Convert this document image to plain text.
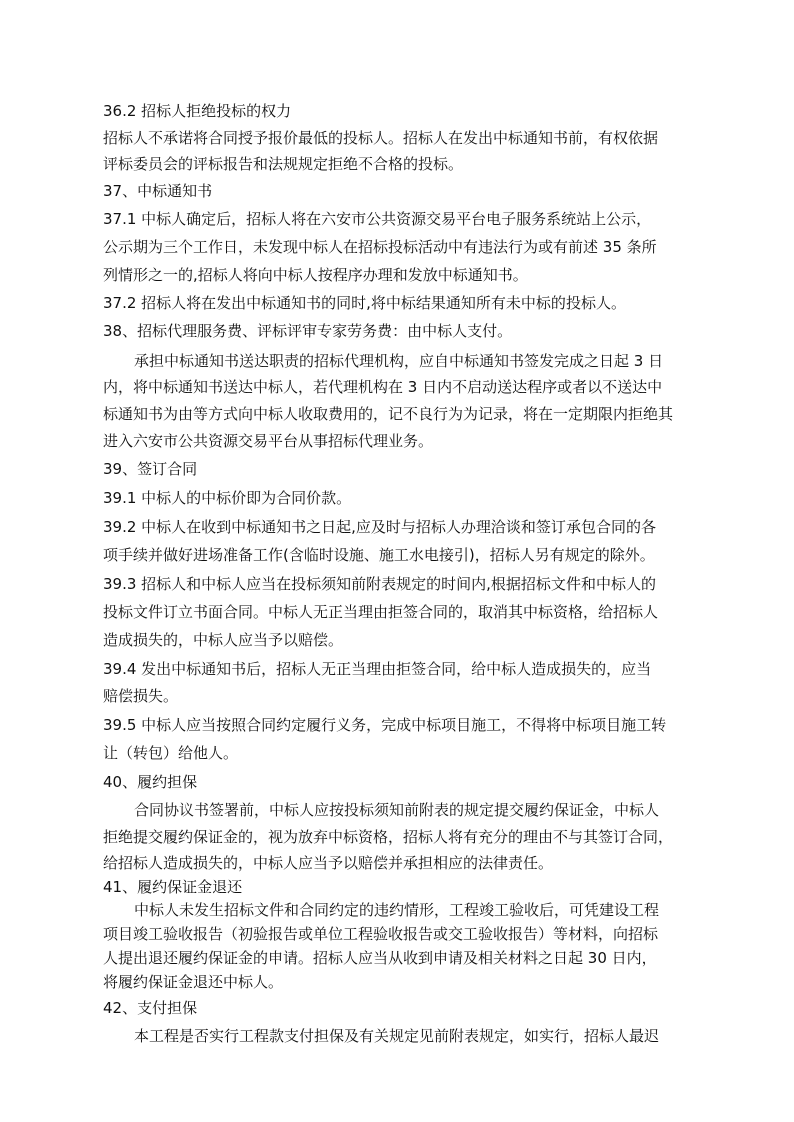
36.2 招标人拒绝投标的权力
招标人不承诺将合同授予报价最低的投标人。招标人在发出中标通知书前，有权依据
评标委员会的评标报告和法规规定拒绝不合格的投标。
37、中标通知书
37.1 中标人确定后，招标人将在六安市公共资源交易平台电子服务系统站上公示，
公示期为三个工作日，未发现中标人在招标投标活动中有违法行为或有前述 35 条所
列情形之一的,招标人将向中标人按程序办理和发放中标通知书。
37.2 招标人将在发出中标通知书的同时,将中标结果通知所有未中标的投标人。
38、招标代理服务费、评标评审专家劳务费：由中标人支付。
承担中标通知书送达职责的招标代理机构，应自中标通知书签发完成之日起 3 日
内，将中标通知书送达中标人，若代理机构在 3 日内不启动送达程序或者以不送达中
标通知书为由等方式向中标人收取费用的，记不良行为为记录，将在一定期限内拒绝其
进入六安市公共资源交易平台从事招标代理业务。
39、签订合同
39.1 中标人的中标价即为合同价款。
39.2 中标人在收到中标通知书之日起,应及时与招标人办理洽谈和签订承包合同的各
项手续并做好进场准备工作(含临时设施、施工水电接引)，招标人另有规定的除外。
39.3 招标人和中标人应当在投标须知前附表规定的时间内,根据招标文件和中标人的
投标文件订立书面合同。中标人无正当理由拒签合同的，取消其中标资格，给招标人
造成损失的，中标人应当予以赔偿。
39.4 发出中标通知书后，招标人无正当理由拒签合同，给中标人造成损失的，应当
赔偿损失。
39.5 中标人应当按照合同约定履行义务，完成中标项目施工，不得将中标项目施工转
让（转包）给他人。
40、履约担保
合同协议书签署前，中标人应按投标须知前附表的规定提交履约保证金，中标人
拒绝提交履约保证金的，视为放弃中标资格，招标人将有充分的理由不与其签订合同，
给招标人造成损失的，中标人应当予以赔偿并承担相应的法律责任。
41、履约保证金退还
中标人未发生招标文件和合同约定的违约情形，工程竣工验收后，可凭建设工程
项目竣工验收报告（初验报告或单位工程验收报告或交工验收报告）等材料，向招标
人提出退还履约保证金的申请。招标人应当从收到申请及相关材料之日起 30 日内，
将履约保证金退还中标人。
42、支付担保
本工程是否实行工程款支付担保及有关规定见前附表规定，如实行，招标人最迟
